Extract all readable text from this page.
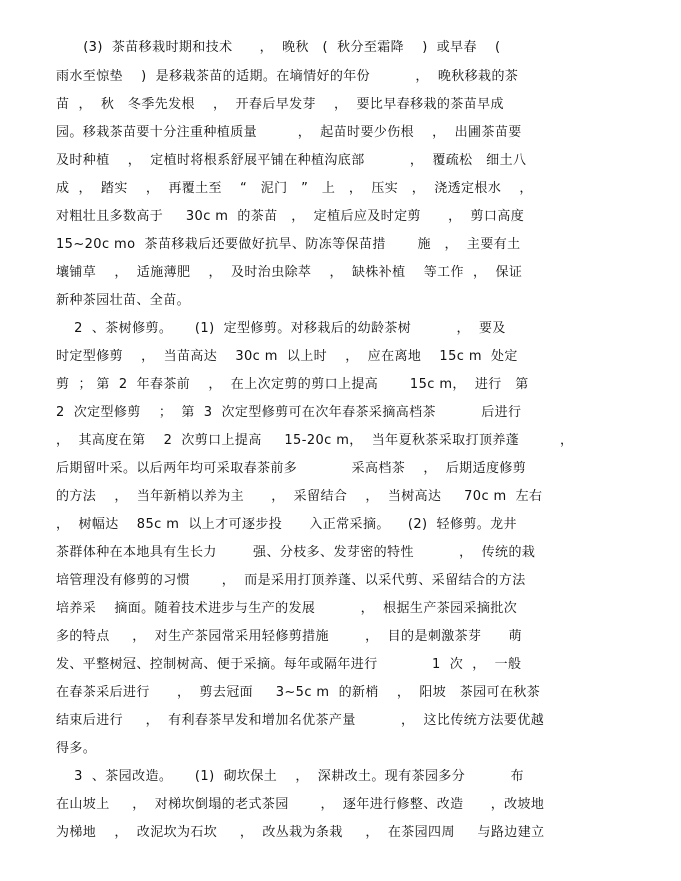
(3)  茶苗移栽时期和技术      ，  晚秋   (  秋分至霜降    )  或早春    (
雨水至惊垫    )  是移栽茶苗的适期。在墒情好的年份          ，  晚秋移栽的茶
苗  ，  秋   冬季先发根    ，  开春后早发芽    ，  要比早春移栽的茶苗早成
园。移栽茶苗要十分注重种植质量         ，  起苗时要少伤根    ，  出圃茶苗要
及时种植    ，  定植时将根系舒展平铺在种植沟底部          ，  覆疏松   细土八
成  ，  踏实    ，  再覆土至    “   泥门   ”   上   ，  压实   ，  浇透定根水    ，
对粗壮且多数高于     30c m  的茶苗   ，  定植后应及时定剪      ，  剪口高度
15~20c mo  茶苗移栽后还要做好抗旱、防冻等保苗措       施   ，  主要有土
壤铺草    ，  适施薄肥    ，  及时治虫除萃    ，  缺株补植    等工作  ，  保证
新种茶园壮苗、全苗。
2  、茶树修剪。     (1)  定型修剪。对移栽后的幼龄茶树          ，  要及
时定型修剪    ，  当苗高达    30c m  以上时    ，  应在离地    15c m  处定
剪  ； 第  2  年春茶前    ，  在上次定剪的剪口上提高       15c m，  进行   第
2  次定型修剪    ；  第  3  次定型修剪可在次年春茶采摘高档茶          后进行
，  其高度在第    2  次剪口上提高     15-20c m，  当年夏秋茶采取打顶养蓬         ，
后期留叶采。以后两年均可采取春茶前多            采高档茶    ，  后期适度修剪
的方法    ，  当年新梢以养为主      ，  采留结合    ，  当树高达     70c m  左右
，  树幅达    85c m  以上才可逐步投      入正常采摘。    (2)  轻修剪。龙井
茶群体种在本地具有生长力        强、分枝多、发芽密的特性          ，  传统的栽
培管理没有修剪的习惯       ，  而是采用打顶养蓬、以采代剪、采留结合的方法
培养采    摘面。随着技术进步与生产的发展          ，  根据生产茶园采摘批次
多的特点     ，  对生产茶园常采用轻修剪措施        ，  目的是刺激茶芽      萌
发、平整树冠、控制树高、便于采摘。每年或隔年进行            1  次  ，  一般
在春茶采后进行      ，  剪去冠面     3~5c m  的新梢    ，  阳坡   茶园可在秋茶
结束后进行     ，  有利春茶早发和增加名优茶产量          ，  这比传统方法要优越
得多。
3  、茶园改造。     (1)  砌坎保土    ，  深耕改土。现有茶园多分          布
在山坡上     ，  对梯坎倒塌的老式茶园       ，  逐年进行修整、改造      ，改坡地
为梯地    ，  改泥坎为石坎     ，  改丛栽为条栽     ，  在茶园四周     与路边建立
